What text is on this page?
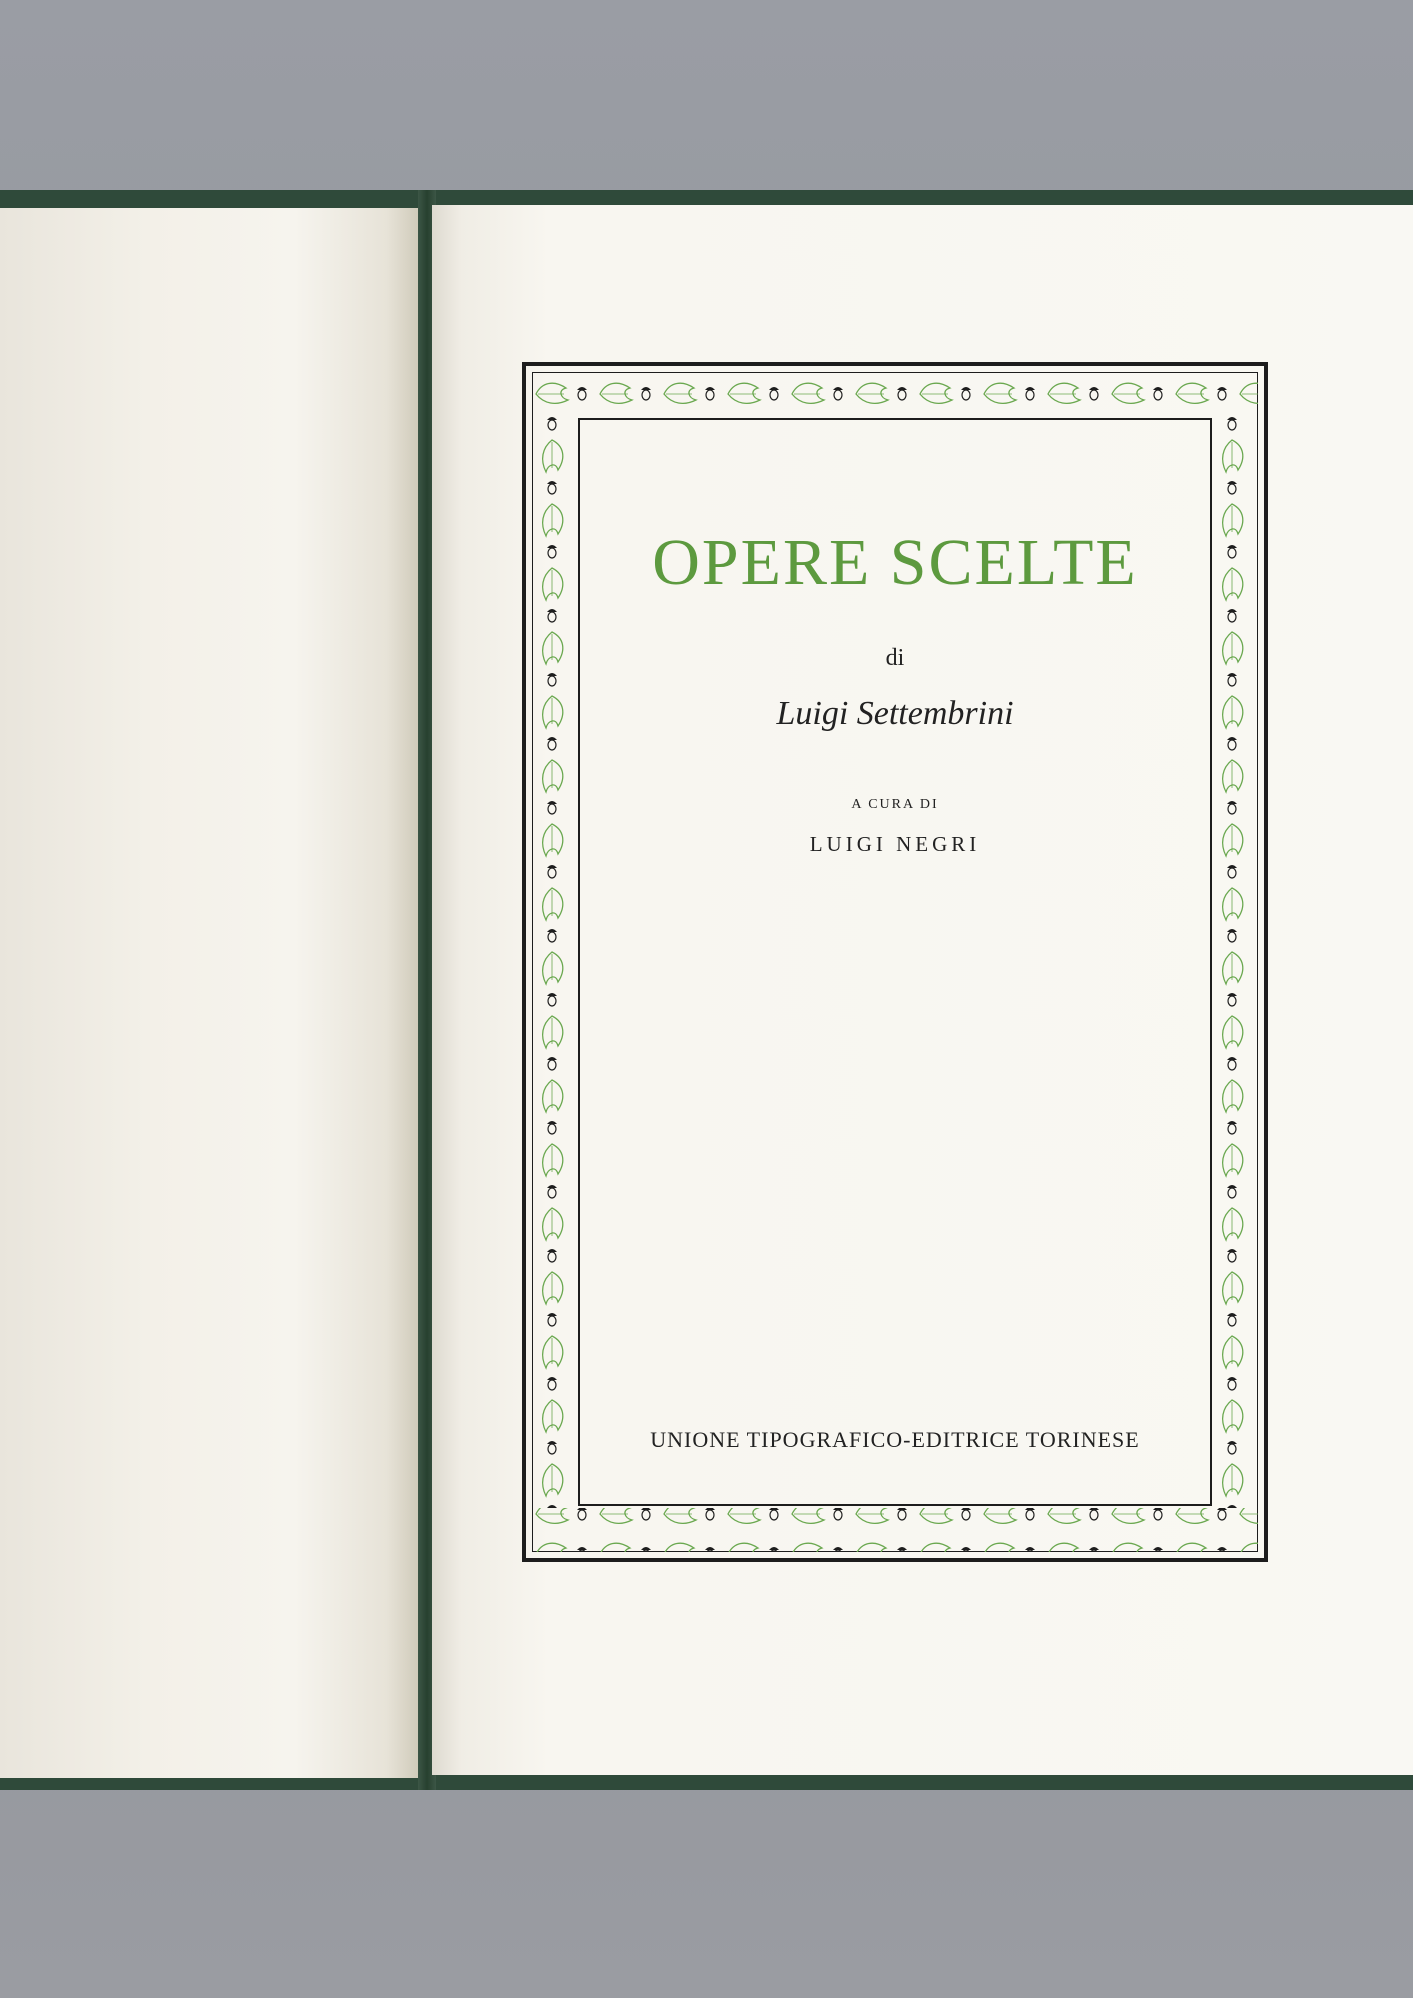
OPERE SCELTE
di
Luigi Settembrini
A CURA DI
LUIGI NEGRI
UNIONE TIPOGRAFICO-EDITRICE TORINESE
